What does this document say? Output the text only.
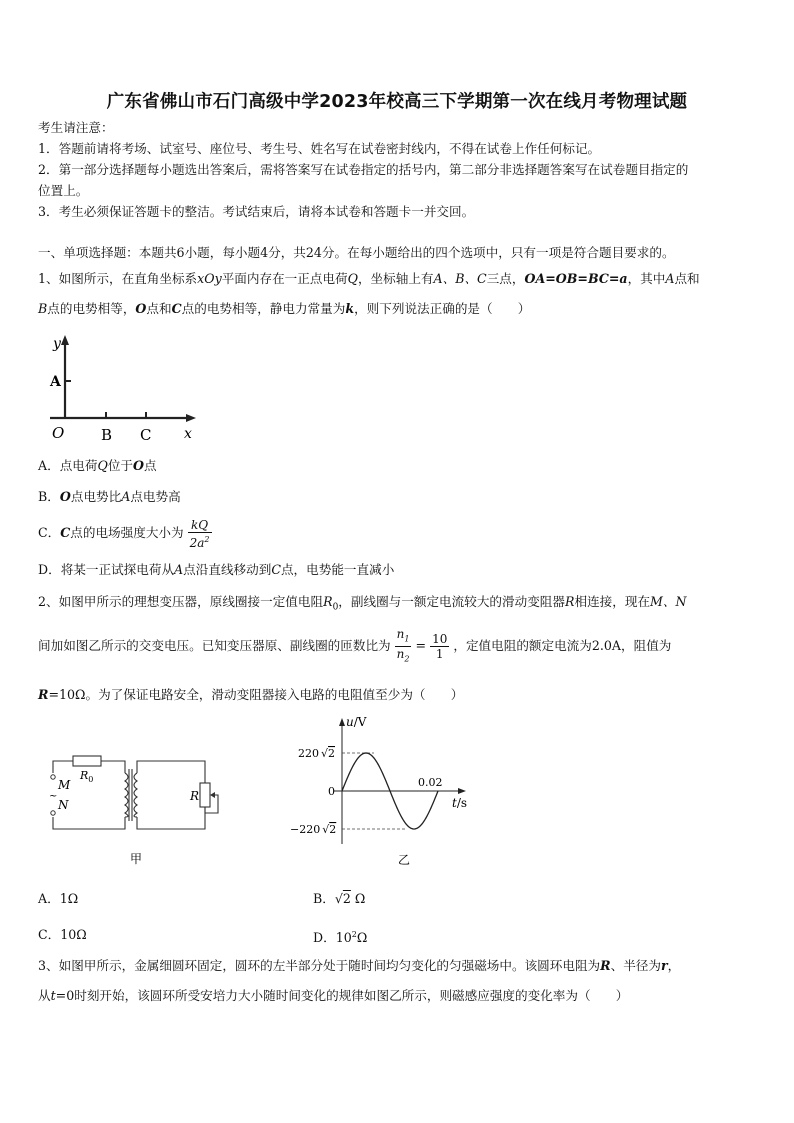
广东省佛山市石门高级中学2023年校高三下学期第一次在线月考物理试题
考生请注意：
1．答题前请将考场、试室号、座位号、考生号、姓名写在试卷密封线内，不得在试卷上作任何标记。
2．第一部分选择题每小题选出答案后，需将答案写在试卷指定的括号内，第二部分非选择题答案写在试卷题目指定的
位置上。
3．考生必须保证答题卡的整洁。考试结束后，请将本试卷和答题卡一并交回。
一、单项选择题：本题共6小题，每小题4分，共24分。在每小题给出的四个选项中，只有一项是符合题目要求的。
1、如图所示，在直角坐标系xOy平面内存在一正点电荷Q，坐标轴上有A、B、C三点，OA=OB=BC=a，其中A点和
B点的电势相等，O点和C点的电势相等，静电力常量为k，则下列说法正确的是（　　）
y
A
O B C x
A．点电荷Q位于O点
B．O点电势比A点电势高
C．C点的电场强度大小为 $\frac{kQ}{2a^2}$
D．将某一正试探电荷从A点沿直线移动到C点，电势能一直减小
2、如图甲所示的理想变压器，原线圈接一定值电阻$R_0$，副线圈与一额定电流较大的滑动变阻器R相连接，现在M、N
间加如图乙所示的交变电压。已知变压器原、副线圈的匝数比为 $\frac{n_1}{n_2} = \frac{10}{1}$ ，定值电阻的额定电流为2.0A，阻值为
R=10Ω。为了保证电路安全，滑动变阻器接入电路的电阻值至少为（　　）
~
M
N
$R_0$
R
甲
u/V
220 √2
0
0.02
t/s
−220 √2
乙
A．1Ω	B．√2 Ω
C．10Ω	D．$10^2\Omega$
3、如图甲所示，金属细圆环固定，圆环的左半部分处于随时间均匀变化的匀强磁场中。该圆环电阻为R、半径为r，
从t=0时刻开始，该圆环所受安培力大小随时间变化的规律如图乙所示，则磁感应强度的变化率为（　　）
